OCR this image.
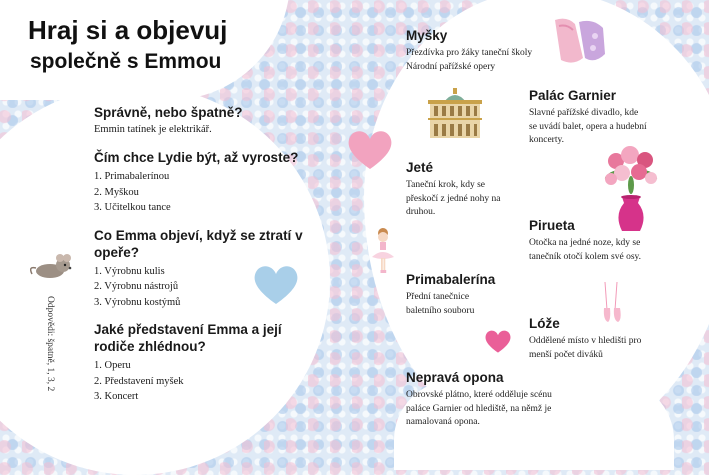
Hraj si a objevuj
společně s Emmou

Správně, nebo špatně?

Emmin tatínek je elektrikář.

Čím chce Lydie být, až vyroste?

1. Primabalerínou
2. Myškou
3. Učitelkou tance

Co Emma objeví, když se ztratí v opeře?

1. Výrobnu kulis
2. Výrobnu nástrojů
3. Výrobnu kostýmů

Jaké představení Emma a její rodiče zhlédnou?

1. Operu
2. Představení myšek
3. Koncert
Odpovědi: špatně, 1, 3, 2
Myšky

Přezdívka pro žáky taneční školy Národní pařížské opery

Palác Garnier

Slavné pařížské divadlo, kde se uvádí balet, opera a hudební koncerty.

Jeté

Taneční krok, kdy se přeskočí z jedné nohy na druhou.

Pirueta

Otočka na jedné noze, kdy se tanečník otočí kolem své osy.

Primabalerína

Přední tanečnice baletního souboru

Lóže

Oddělené místo v hledišti pro menší počet diváků

Nepravá opona

Obrovské plátno, které odděluje scénu paláce Garnier od hlediště, na němž je namalovaná opona.
